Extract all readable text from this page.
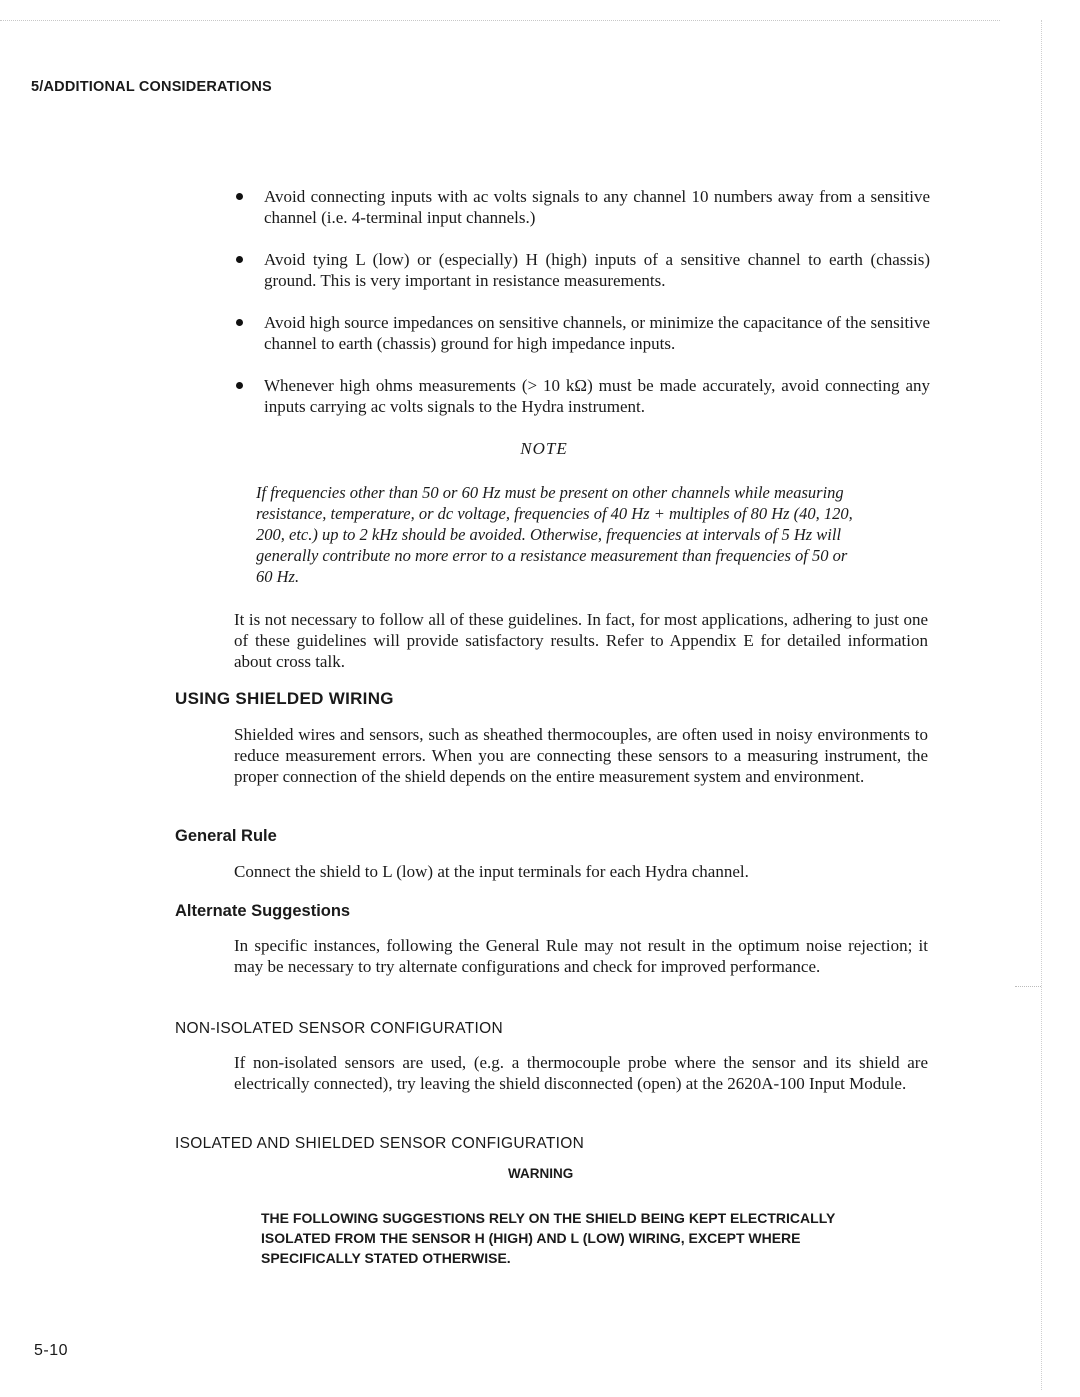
5/ADDITIONAL CONSIDERATIONS
Avoid connecting inputs with ac volts signals to any channel 10 numbers away from a sensitive channel (i.e. 4-terminal input channels.)
Avoid tying L (low) or (especially) H (high) inputs of a sensitive channel to earth (chassis) ground. This is very important in resistance measurements.
Avoid high source impedances on sensitive channels, or minimize the capacitance of the sensitive channel to earth (chassis) ground for high impedance inputs.
Whenever high ohms measurements (> 10 kΩ) must be made accurately, avoid connecting any inputs carrying ac volts signals to the Hydra instrument.
NOTE

If frequencies other than 50 or 60 Hz must be present on other channels while measuring resistance, temperature, or dc voltage, frequencies of 40 Hz + multiples of 80 Hz (40, 120, 200, etc.) up to 2 kHz should be avoided. Otherwise, frequencies at intervals of 5 Hz will generally contribute no more error to a resistance measurement than frequencies of 50 or 60 Hz.

It is not necessary to follow all of these guidelines. In fact, for most applications, adhering to just one of these guidelines will provide satisfactory results. Refer to Appendix E for detailed information about cross talk.

USING SHIELDED WIRING

Shielded wires and sensors, such as sheathed thermocouples, are often used in noisy environments to reduce measurement errors. When you are connecting these sensors to a measuring instrument, the proper connection of the shield depends on the entire measurement system and environment.

General Rule

Connect the shield to L (low) at the input terminals for each Hydra channel.

Alternate Suggestions

In specific instances, following the General Rule may not result in the optimum noise rejection; it may be necessary to try alternate configurations and check for improved performance.

NON-ISOLATED SENSOR CONFIGURATION

If non-isolated sensors are used, (e.g. a thermocouple probe where the sensor and its shield are electrically connected), try leaving the shield disconnected (open) at the 2620A-100 Input Module.

ISOLATED AND SHIELDED SENSOR CONFIGURATION
WARNING

THE FOLLOWING SUGGESTIONS RELY ON THE SHIELD BEING KEPT ELECTRICALLY ISOLATED FROM THE SENSOR H (HIGH) AND L (LOW) WIRING, EXCEPT WHERE SPECIFICALLY STATED OTHERWISE.

5-10
